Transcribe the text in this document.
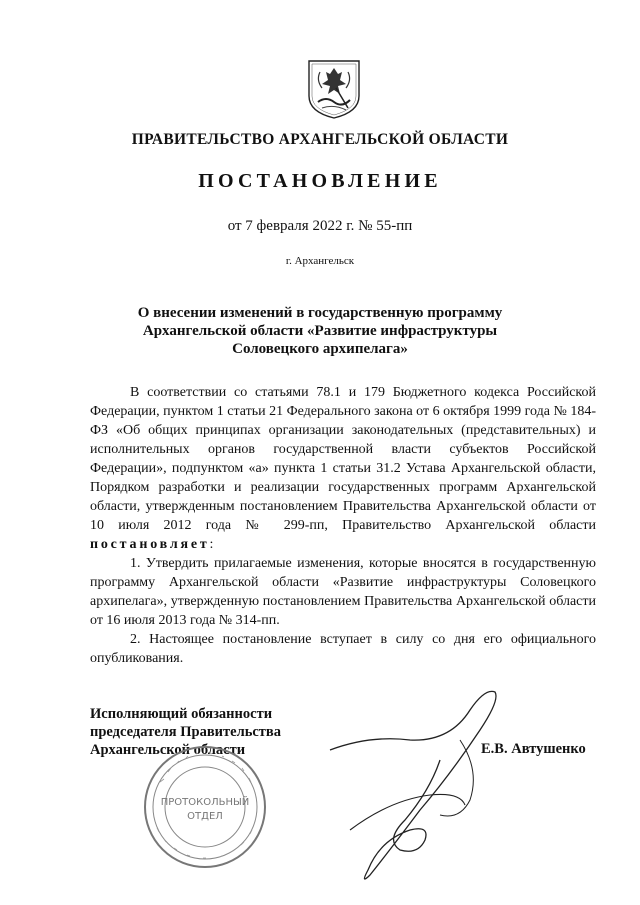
ПРАВИТЕЛЬСТВО АРХАНГЕЛЬСКОЙ ОБЛАСТИ
ПОСТАНОВЛЕНИЕ
от 7 февраля 2022 г. № 55-пп
г. Архангельск
О внесении изменений в государственную программу
Архангельской области «Развитие инфраструктуры
Соловецкого архипелага»

В соответствии со статьями 78.1 и 179 Бюджетного кодекса Российской Федерации, пунктом 1 статьи 21 Федерального закона от 6 октября 1999 года № 184-ФЗ «Об общих принципах организации законодательных (представительных) и исполнительных органов государственной власти субъектов Российской Федерации», подпунктом «а» пункта 1 статьи 31.2 Устава Архангельской области, Порядком разработки и реализации государственных программ Архангельской области, утвержденным постановлением Правительства Архангельской области от 10 июля 2012 года № 299-пп, Правительство Архангельской области постановляет:

1. Утвердить прилагаемые изменения, которые вносятся в государственную программу Архангельской области «Развитие инфраструктуры Соловецкого архипелага», утвержденную постановлением Правительства Архангельской области от 16 июля 2013 года № 314-пп.

2. Настоящее постановление вступает в силу со дня его официального опубликования.

Исполняющий обязанности
председателя Правительства
Архангельской области	Е.В. Автушенко
ПРОТОКОЛЬНЫЙ
ОТДЕЛ
